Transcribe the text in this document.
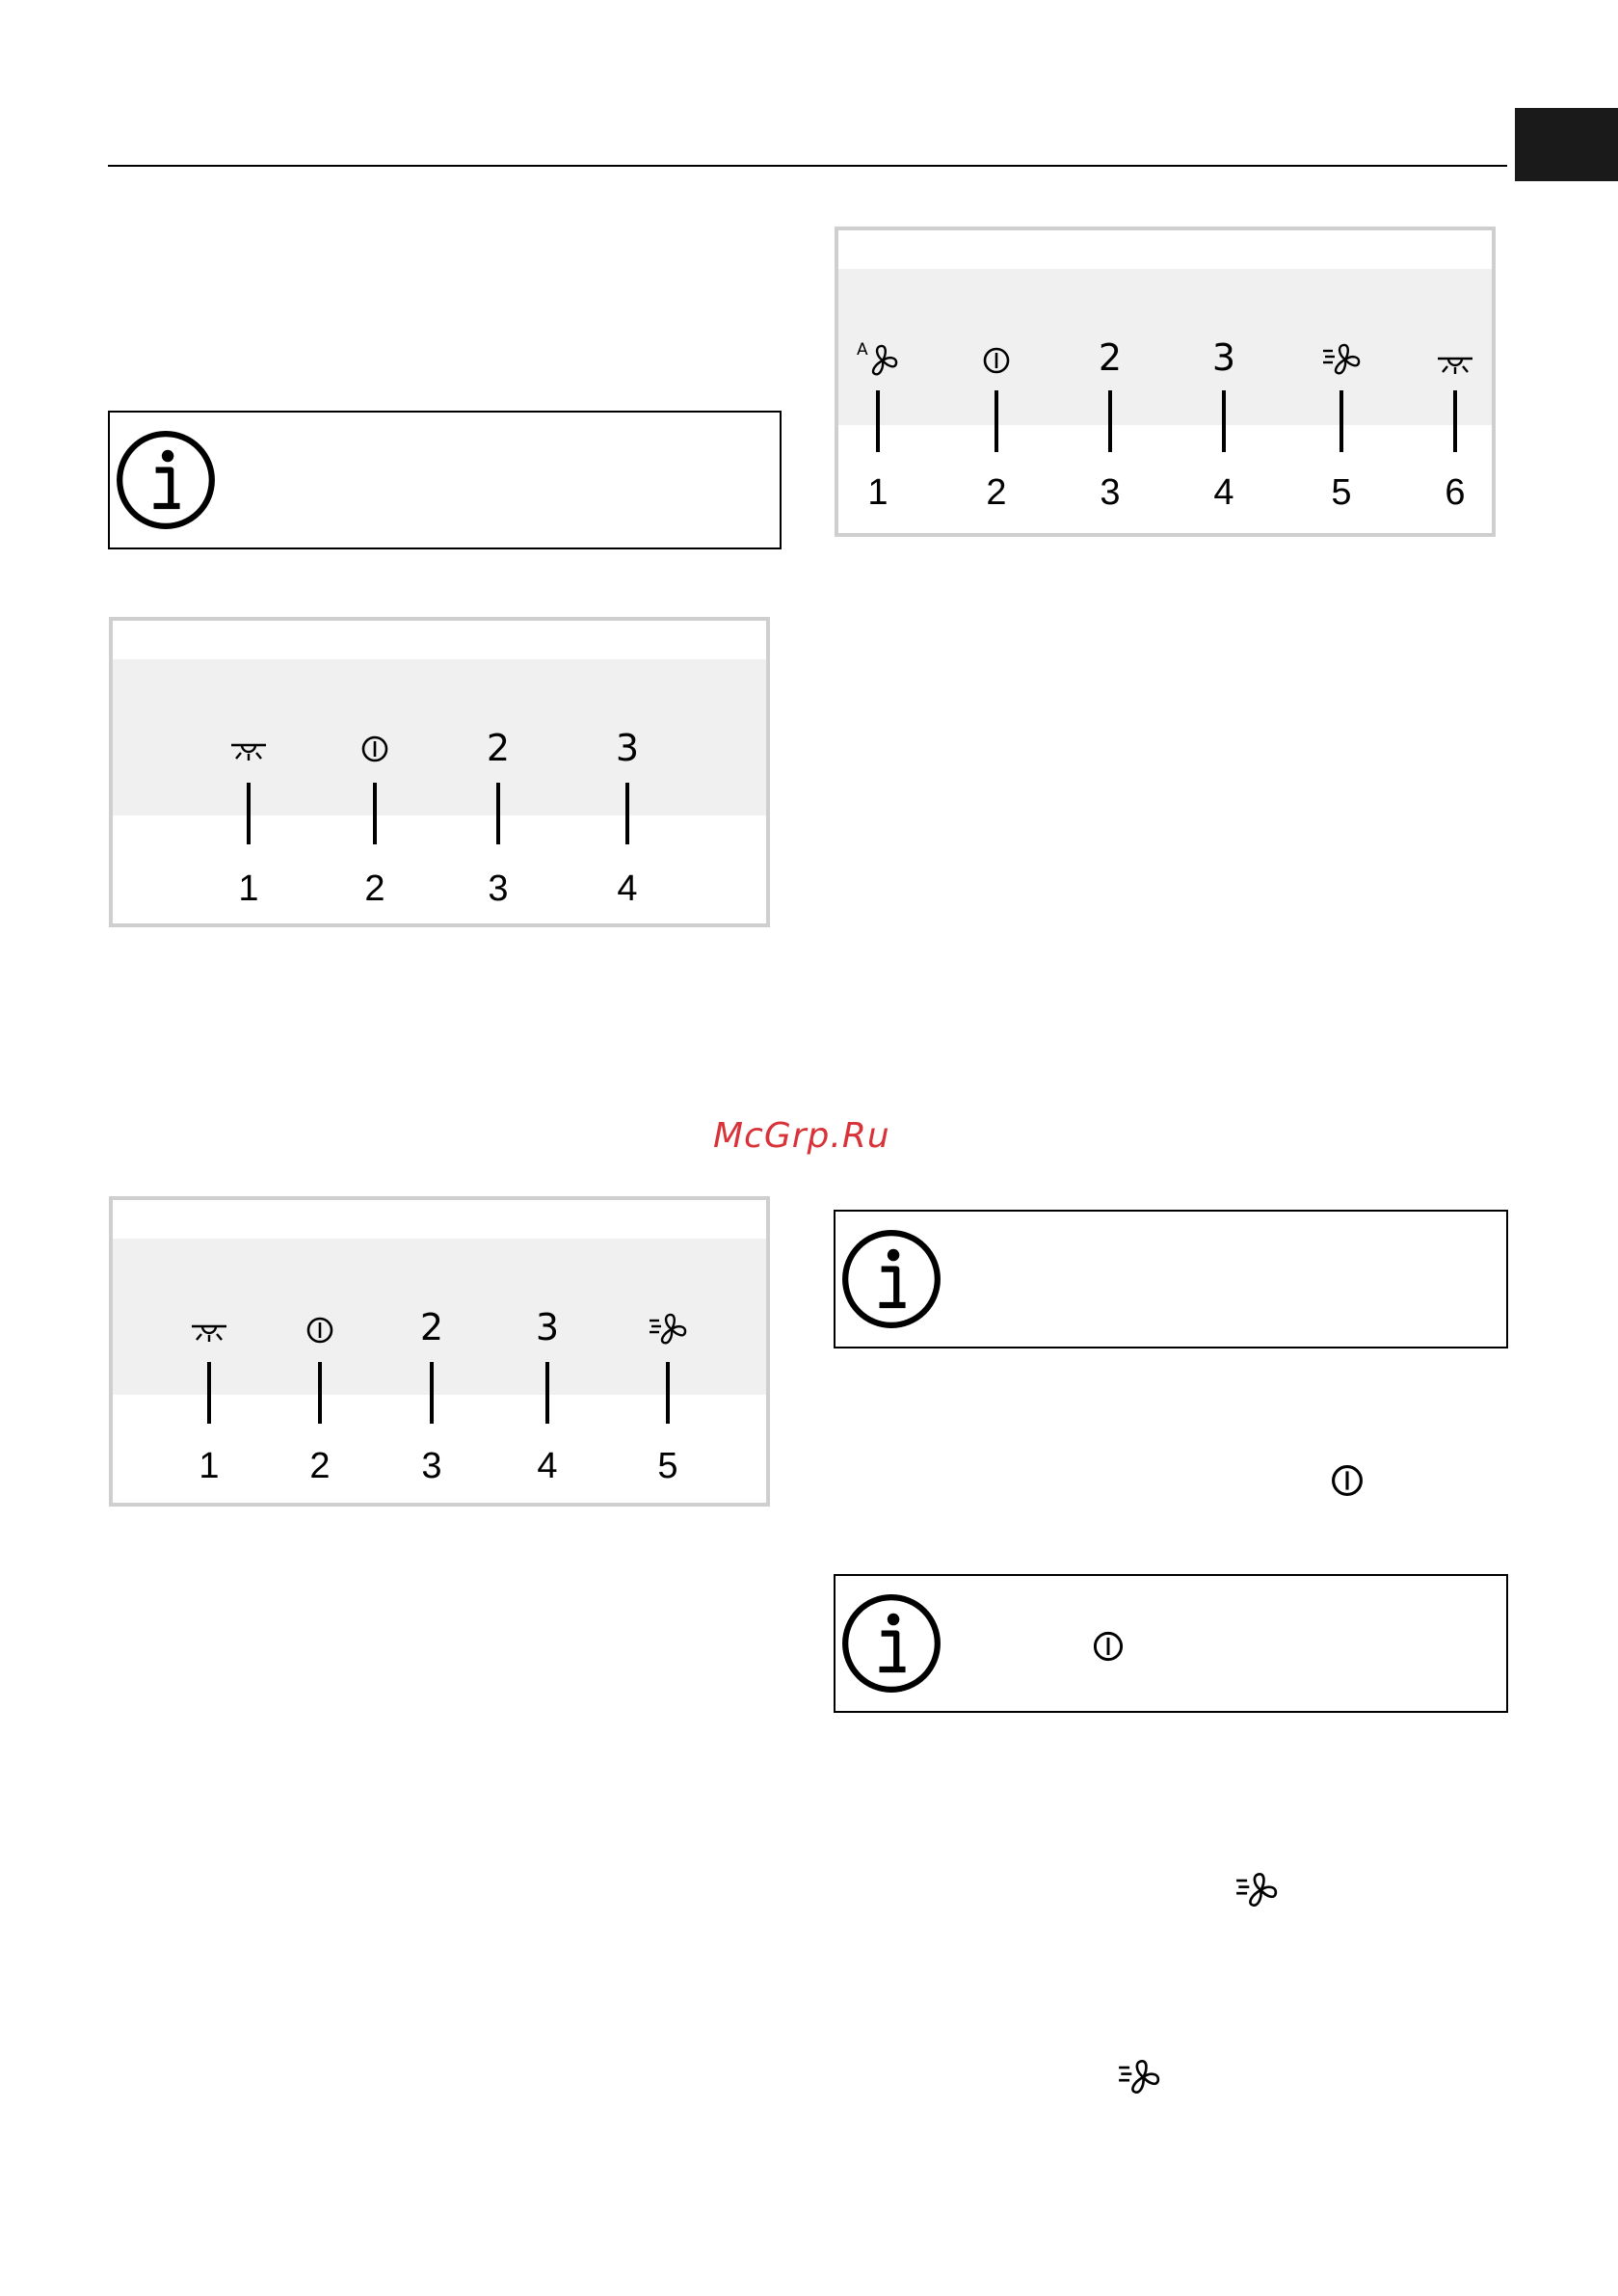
1	2
2
3
3
4
1	2
2
3
3
4	5	6
McGrp.Ru
1	2
2
3
3
4	5
